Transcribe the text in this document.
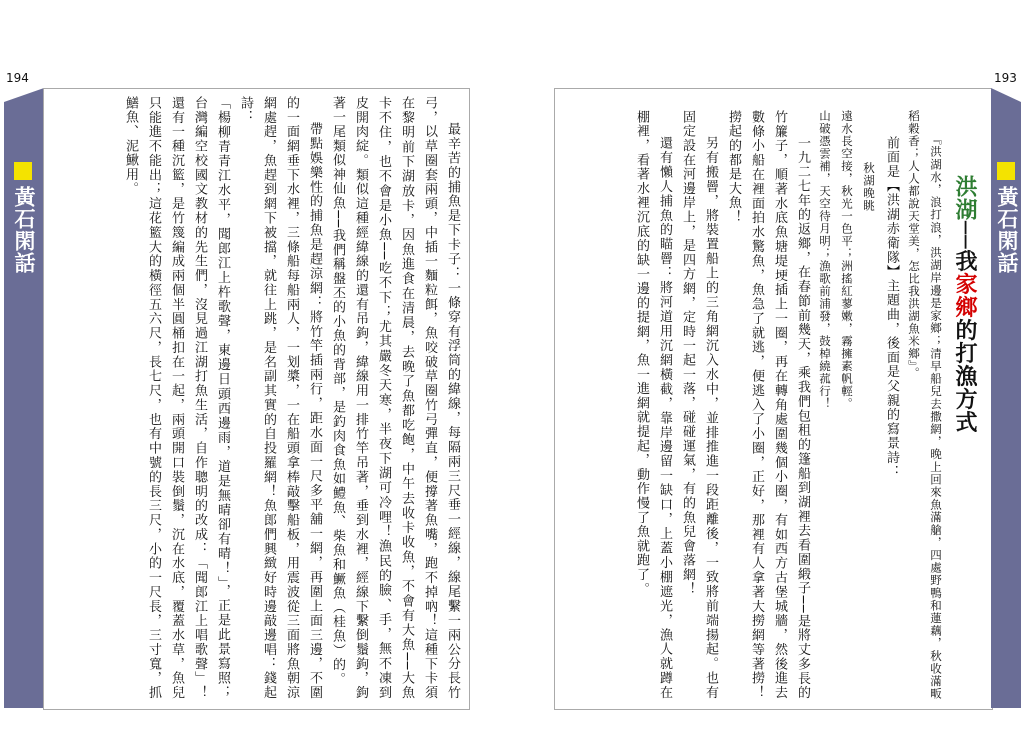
194
黃石閑話	最辛苦的捕魚是下卡子：一條穿有浮筒的緯線，每隔兩三尺垂一經線，線尾繫一兩公分長竹弓，以草圈套兩頭，中插一麵粒餌，魚咬破草圈竹弓彈直，便撐著魚嘴，跑不掉吶！這種下卡須在黎明前下湖放卡，因魚進食在清晨，去晚了魚都吃飽，中午去收卡收魚，不會有大魚──大魚卡不住，也不會是小魚──吃不下；尤其嚴冬天寒，半夜下湖可冷哩！漁民的臉、手，無不凍到皮開肉綻。類似這種經緯線的還有吊鉤，緯線用一排竹竿吊著，垂到水裡，經線下繫倒鬚鉤，鉤著一尾類似神仙魚──我們稱盤丕的小魚的背部，是釣肉食魚如鱧魚、柴魚和鱖魚（桂魚）的。

帶點娛樂性的捕魚是趕涼網：將竹竿插兩行，距水面一尺多平舖一網，再圍上面三邊，不圍的一面網垂下水裡，三條船每船兩人，一划槳，一在船頭拿棒敲擊船板，用震波從三面將魚朝涼網處趕，魚趕到網下被擋，就往上跳，是名副其實的自投羅網！魚郎們興緻好時邊敲邊唱：錢起詩：

「楊柳青青江水平，聞郎江上杵歌聲，東邊日頭西邊雨，道是無晴卻有晴！」，正是此景寫照；台灣編空校國文教材的先生們，沒見過江湖打魚生活，自作聰明的改成：「聞郎江上唱歌聲」！還有一種沉籃，是竹篾編成兩個半圓桶扣在一起，兩頭開口裝倒鬚，沉在水底，覆蓋水草，魚兒只能進不能出；這花籃大的橫徑五六尺，長七尺，也有中號的長三尺，小的一尺長，三寸寬，抓鱔魚、泥鰍用。

193
黃石閑話
洪湖──我家鄉的打漁方式

『洪湖水，浪打浪，洪湖岸邊是家鄉；清早船兒去撒網，晚上回來魚滿艙，四處野鴨和蓮藕，秋收滿畈稻穀香；人人都說天堂美，怎比我洪湖魚米鄉』。

前面是【洪湖赤衛隊】主題曲，後面是父親的寫景詩：

秋湖晚眺

遠水長空接，秋光一色平；洲搖紅蓼嫩，霧擁素帆輕。

山破憑雲補，天空待月明；漁歌前浦發，鼓棹繞菰行！

一九二七年的返鄉，在春節前幾天，乘我們包租的篷船到湖裡去看圍緞子──是將丈多長的竹簾子，順著水底魚塘堤埂插上一圈，再在轉角處圍幾個小圈，有如西方古堡城牆，然後進去數條小船在裡面拍水驚魚，魚急了就逃，便逃入了小圈，正好，那裡有人拿著大撈網等著撈！撈起的都是大魚！

另有搬罾，將裝置船上的三角網沉入水中，並排推進一段距離後，一致將前端揚起。也有固定設在河邊岸上，是四方網，定時一起一落，碰碰運氣，有的魚兒會落網！

還有懶人捕魚的瞄罾：將河道用沉網橫截，靠岸邊留一缺口，上蓋小棚遮光，漁人就蹲在棚裡，看著水裡沉底的缺一邊的提網，魚一進網就提起，動作慢了魚就跑了。
